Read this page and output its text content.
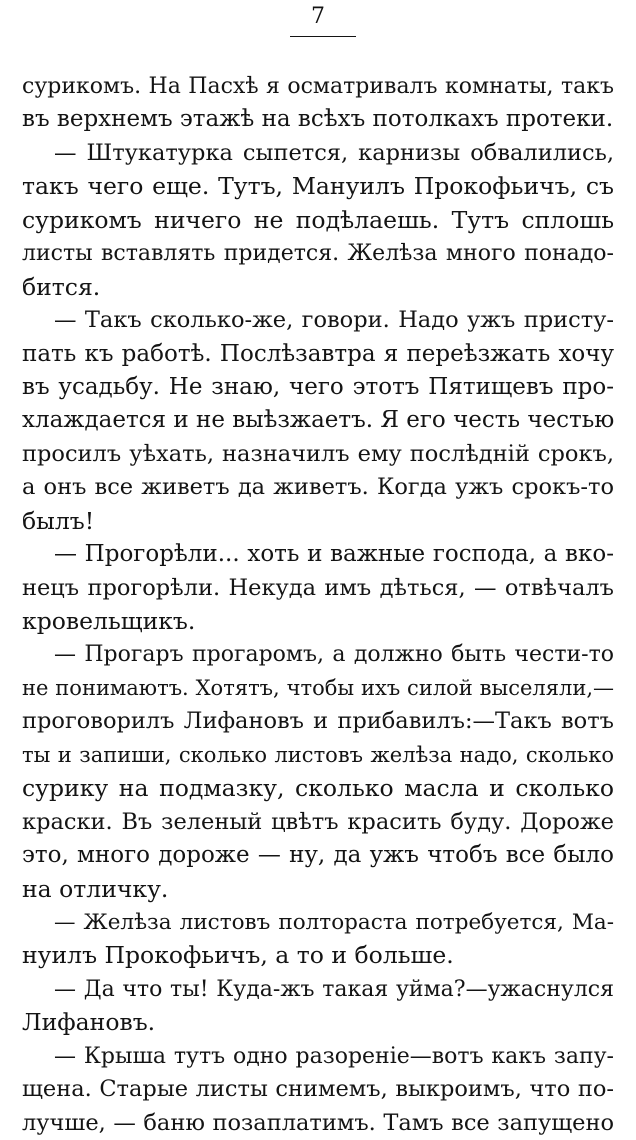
7
сурикомъ. На Пасхѣ я осматривалъ комнаты, такъ
въ верхнемъ этажѣ на всѣхъ потолкахъ протеки.
— Штукатурка сыпется, карнизы обвалились,
такъ чего еще. Тутъ, Мануилъ Прокофьичъ, съ
сурикомъ ничего не подѣлаешь. Тутъ сплошь
листы вставлять придется. Желѣза много понадо-
бится.
— Такъ сколько-же, говори. Надо ужъ присту-
пать къ работѣ. Послѣзавтра я переѣзжать хочу
въ усадьбу. Не знаю, чего этотъ Пятищевъ про-
хлаждается и не выѣзжаетъ. Я его честь честью
просилъ уѣхать, назначилъ ему послѣднiй срокъ,
а онъ все живетъ да живетъ. Когда ужъ срокъ-то
былъ!
— Прогорѣли... хоть и важные господа, а вко-
нецъ прогорѣли. Некуда имъ дѣться, — отвѣчалъ
кровельщикъ.
— Прогаръ прогаромъ, а должно быть чести-то
не понимаютъ. Хотятъ, чтобы ихъ силой выселяли,—
проговорилъ Лифановъ и прибавилъ:—Такъ вотъ
ты и запиши, сколько листовъ желѣза надо, сколько
сурику на подмазку, сколько масла и сколько
краски. Въ зеленый цвѣтъ красить буду. Дороже
это, много дороже — ну, да ужъ чтобъ все было
на отличку.
— Желѣза листовъ полтораста потребуется, Ма-
нуилъ Прокофьичъ, а то и больше.
— Да что ты! Куда-жъ такая уйма?—ужаснулся
Лифановъ.
— Крыша тутъ одно разоренiе—вотъ какъ запу-
щена. Старые листы снимемъ, выкроимъ, что по-
лучше, — баню позаплатимъ. Тамъ все запущено
